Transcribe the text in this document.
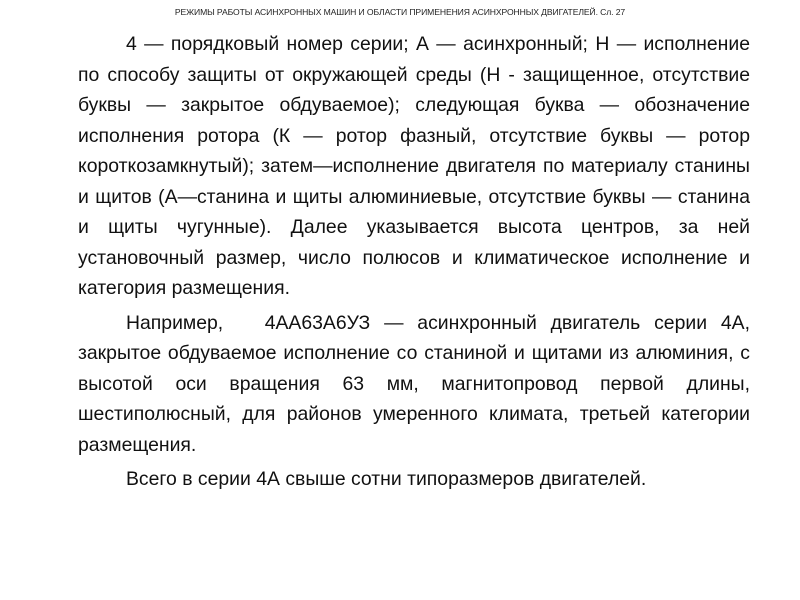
РЕЖИМЫ РАБОТЫ АСИНХРОННЫХ МАШИН И ОБЛАСТИ ПРИМЕНЕНИЯ АСИНХРОННЫХ ДВИГАТЕЛЕЙ. Сл. 27

4 — порядковый номер серии; А — асинхронный; Н — исполнение по способу защиты от окружающей среды (Н - защищенное, отсутствие буквы — закрытое обдуваемое); следующая буква — обозначение исполнения ротора (К — ротор фазный, отсутствие буквы — ротор короткозамкнутый); затем—исполнение двигателя по материалу станины и щитов (А—станина и щиты алюминиевые, отсутствие буквы — станина и щиты чугунные). Далее указывается высота центров, за ней установочный размер, число полюсов и климатическое исполнение и категория размещения.

Например,   4АА63А6УЗ — асинхронный двигатель серии 4А, закрытое обдуваемое исполнение со станиной и щитами из алюминия, с высотой оси вращения 63 мм, магнитопровод первой длины, шестиполюсный, для районов умеренного климата, третьей категории размещения.

Всего в серии 4А свыше сотни типоразмеров двигателей.
